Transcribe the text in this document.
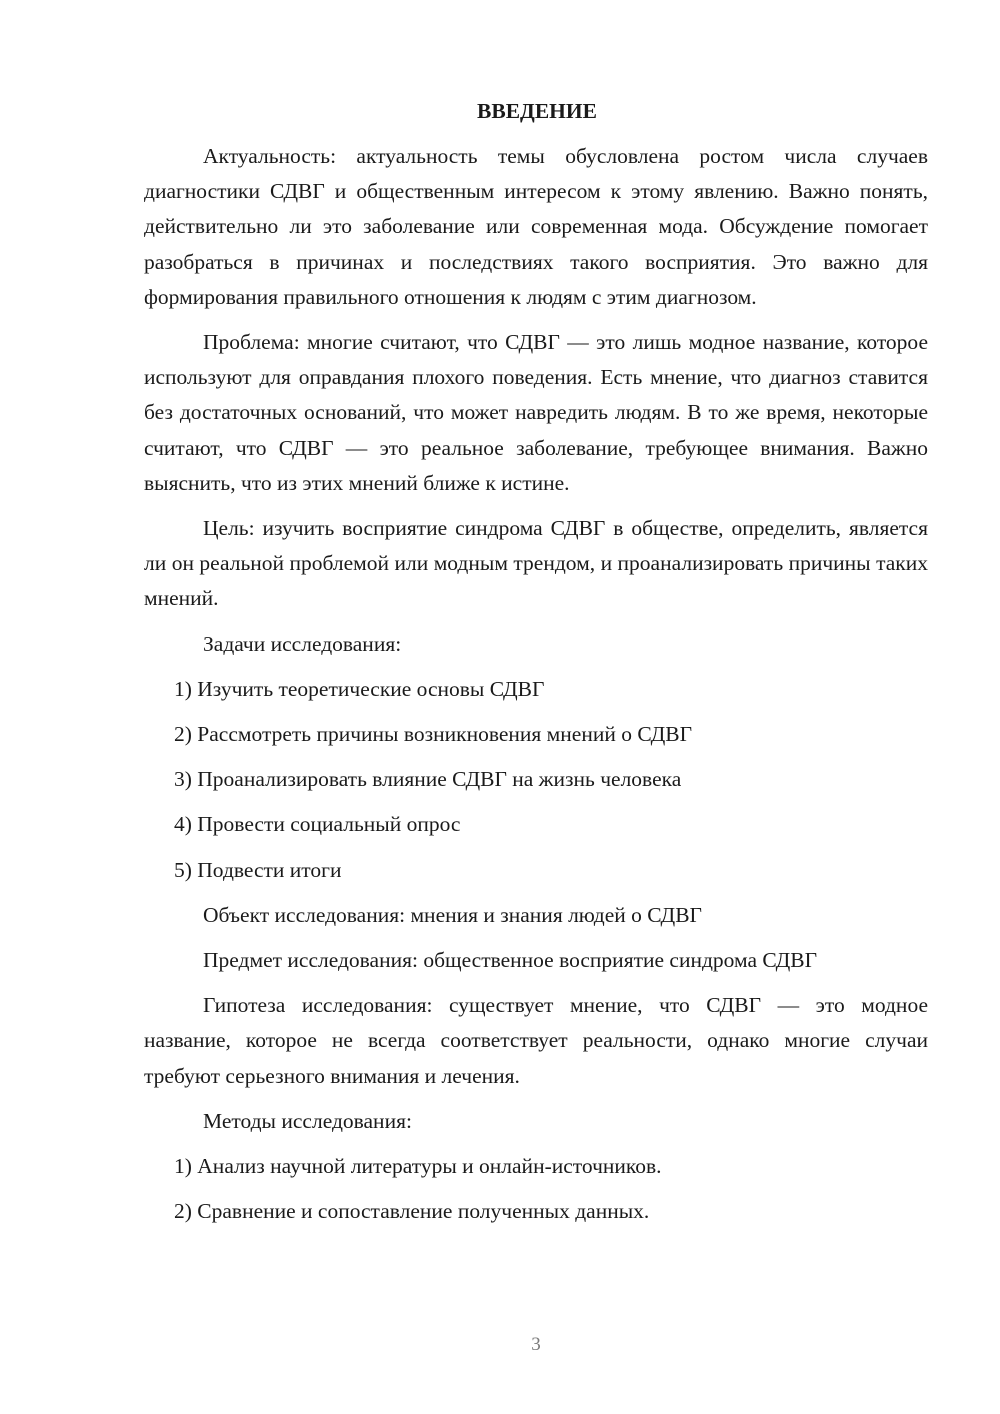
ВВЕДЕНИЕ

Актуальность: актуальность темы обусловлена ростом числа случаев диагностики СДВГ и общественным интересом к этому явлению. Важно понять, действительно ли это заболевание или современная мода. Обсуждение помогает разобраться в причинах и последствиях такого восприятия. Это важно для формирования правильного отношения к людям с этим диагнозом.

Проблема: многие считают, что СДВГ — это лишь модное название, которое используют для оправдания плохого поведения. Есть мнение, что диагноз ставится без достаточных оснований, что может навредить людям. В то же время, некоторые считают, что СДВГ — это реальное заболевание, требующее внимания. Важно выяснить, что из этих мнений ближе к истине.

Цель: изучить восприятие синдрома СДВГ в обществе, определить, является ли он реальной проблемой или модным трендом, и проанализировать причины таких мнений.

Задачи исследования:

1) Изучить теоретические основы СДВГ
2) Рассмотреть причины возникновения мнений о СДВГ
3) Проанализировать влияние СДВГ на жизнь человека
4) Провести социальный опрос
5) Подвести итоги

Объект исследования: мнения и знания людей о СДВГ

Предмет исследования: общественное восприятие синдрома СДВГ

Гипотеза исследования: существует мнение, что СДВГ — это модное название, которое не всегда соответствует реальности, однако многие случаи требуют серьезного внимания и лечения.

Методы исследования:

1) Анализ научной литературы и онлайн-источников.
2) Сравнение и сопоставление полученных данных.
3
